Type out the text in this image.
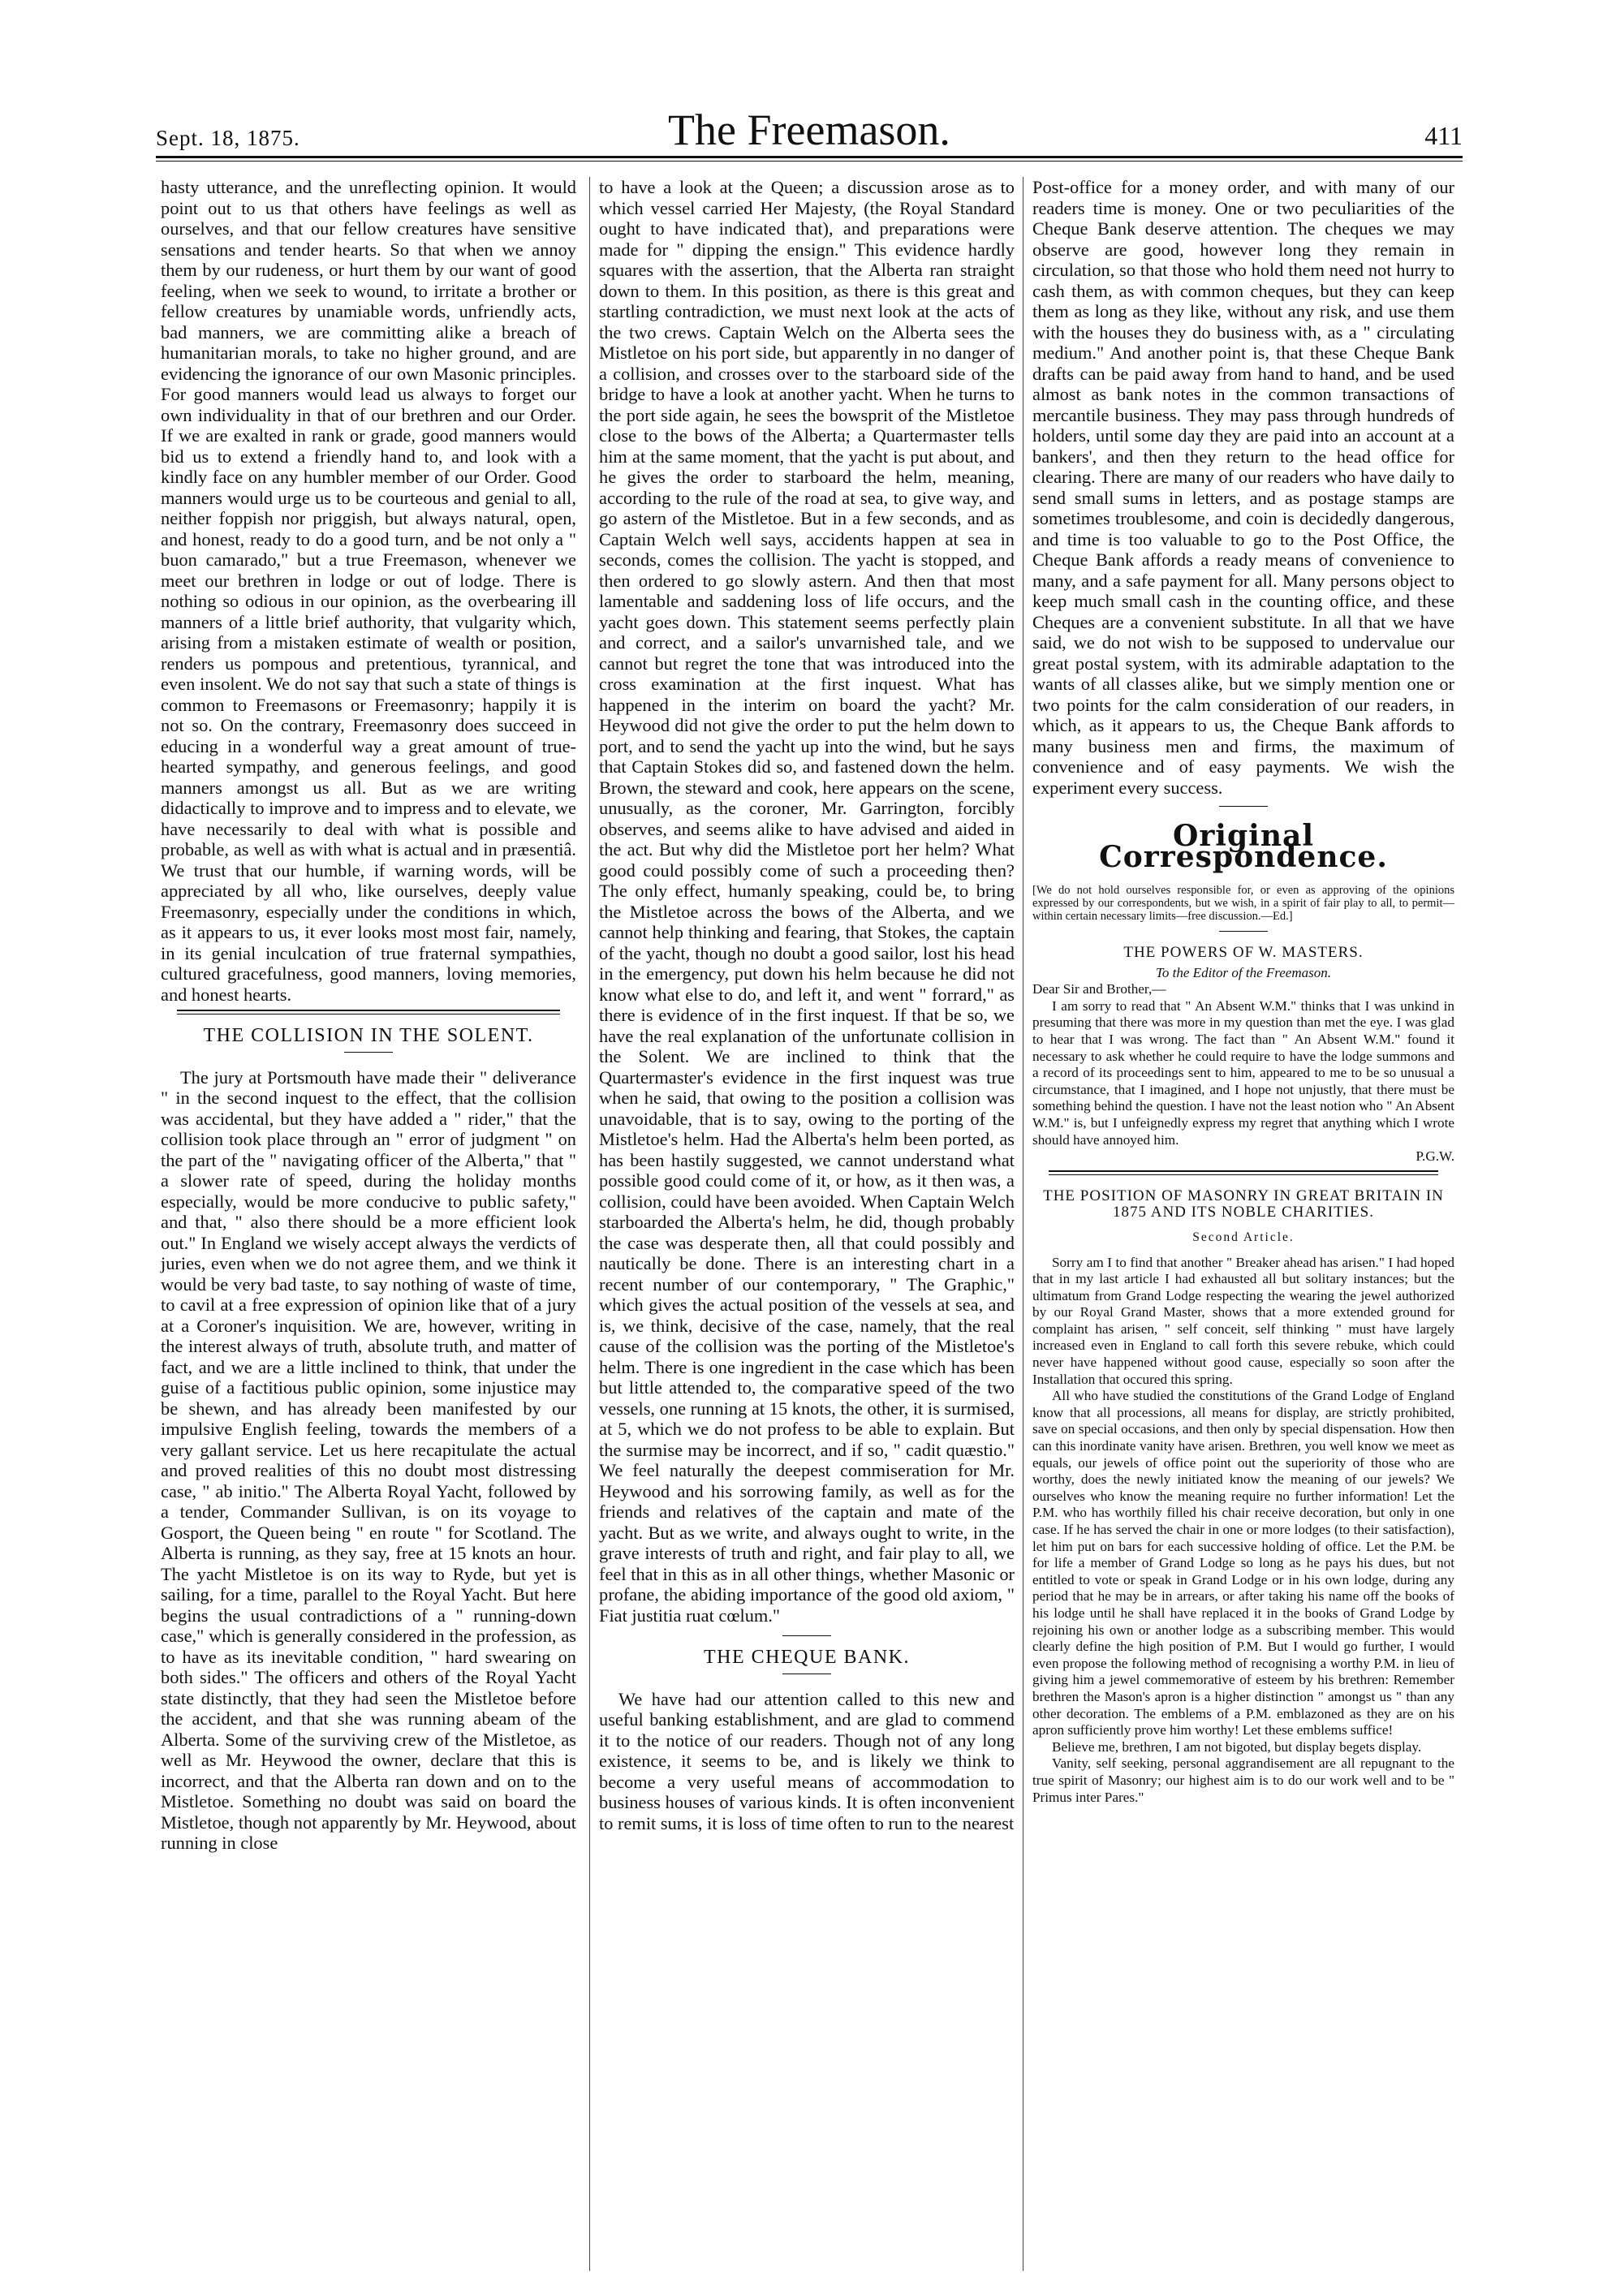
Sept. 18, 1875.	The Freemason.	411

hasty utterance, and the unreflecting opinion. It would point out to us that others have feelings as well as ourselves, and that our fellow creatures have sensitive sensations and tender hearts. So that when we annoy them by our rudeness, or hurt them by our want of good feeling, when we seek to wound, to irritate a brother or fellow creatures by unamiable words, unfriendly acts, bad manners, we are committing alike a breach of humanitarian morals, to take no higher ground, and are evidencing the ignorance of our own Masonic principles. For good manners would lead us always to forget our own individuality in that of our brethren and our Order. If we are exalted in rank or grade, good manners would bid us to extend a friendly hand to, and look with a kindly face on any humbler member of our Order. Good manners would urge us to be courteous and genial to all, neither foppish nor priggish, but always natural, open, and honest, ready to do a good turn, and be not only a " buon camarado," but a true Freemason, whenever we meet our brethren in lodge or out of lodge. There is nothing so odious in our opinion, as the overbearing ill manners of a little brief authority, that vulgarity which, arising from a mistaken estimate of wealth or position, renders us pompous and pretentious, tyrannical, and even insolent. We do not say that such a state of things is common to Freemasons or Freemasonry; happily it is not so. On the contrary, Freemasonry does succeed in educing in a wonderful way a great amount of true-hearted sympathy, and generous feelings, and good manners amongst us all. But as we are writing didactically to improve and to impress and to elevate, we have necessarily to deal with what is possible and probable, as well as with what is actual and in præsentiâ. We trust that our humble, if warning words, will be appreciated by all who, like ourselves, deeply value Freemasonry, especially under the conditions in which, as it appears to us, it ever looks most most fair, namely, in its genial inculcation of true fraternal sympathies, cultured gracefulness, good manners, loving memories, and honest hearts.

THE COLLISION IN THE SOLENT.

The jury at Portsmouth have made their " deliverance " in the second inquest to the effect, that the collision was accidental, but they have added a " rider," that the collision took place through an " error of judgment " on the part of the " navigating officer of the Alberta," that " a slower rate of speed, during the holiday months especially, would be more conducive to public safety," and that, " also there should be a more efficient look out." In England we wisely accept always the verdicts of juries, even when we do not agree them, and we think it would be very bad taste, to say nothing of waste of time, to cavil at a free expression of opinion like that of a jury at a Coroner's inquisition. We are, however, writing in the interest always of truth, absolute truth, and matter of fact, and we are a little inclined to think, that under the guise of a factitious public opinion, some injustice may be shewn, and has already been manifested by our impulsive English feeling, towards the members of a very gallant service. Let us here recapitulate the actual and proved realities of this no doubt most distressing case, " ab initio." The Alberta Royal Yacht, followed by a tender, Commander Sullivan, is on its voyage to Gosport, the Queen being " en route " for Scotland. The Alberta is running, as they say, free at 15 knots an hour. The yacht Mistletoe is on its way to Ryde, but yet is sailing, for a time, parallel to the Royal Yacht. But here begins the usual contradictions of a " running-down case," which is generally considered in the profession, as to have as its inevitable condition, " hard swearing on both sides." The officers and others of the Royal Yacht state distinctly, that they had seen the Mistletoe before the accident, and that she was running abeam of the Alberta. Some of the surviving crew of the Mistletoe, as well as Mr. Heywood the owner, declare that this is incorrect, and that the Alberta ran down and on to the Mistletoe. Something no doubt was said on board the Mistletoe, though not apparently by Mr. Heywood, about running in close

to have a look at the Queen; a discussion arose as to which vessel carried Her Majesty, (the Royal Standard ought to have indicated that), and preparations were made for " dipping the ensign." This evidence hardly squares with the assertion, that the Alberta ran straight down to them. In this position, as there is this great and startling contradiction, we must next look at the acts of the two crews. Captain Welch on the Alberta sees the Mistletoe on his port side, but apparently in no danger of a collision, and crosses over to the starboard side of the bridge to have a look at another yacht. When he turns to the port side again, he sees the bowsprit of the Mistletoe close to the bows of the Alberta; a Quartermaster tells him at the same moment, that the yacht is put about, and he gives the order to starboard the helm, meaning, according to the rule of the road at sea, to give way, and go astern of the Mistletoe. But in a few seconds, and as Captain Welch well says, accidents happen at sea in seconds, comes the collision. The yacht is stopped, and then ordered to go slowly astern. And then that most lamentable and saddening loss of life occurs, and the yacht goes down. This statement seems perfectly plain and correct, and a sailor's unvarnished tale, and we cannot but regret the tone that was introduced into the cross examination at the first inquest. What has happened in the interim on board the yacht? Mr. Heywood did not give the order to put the helm down to port, and to send the yacht up into the wind, but he says that Captain Stokes did so, and fastened down the helm. Brown, the steward and cook, here appears on the scene, unusually, as the coroner, Mr. Garrington, forcibly observes, and seems alike to have advised and aided in the act. But why did the Mistletoe port her helm? What good could possibly come of such a proceeding then? The only effect, humanly speaking, could be, to bring the Mistletoe across the bows of the Alberta, and we cannot help thinking and fearing, that Stokes, the captain of the yacht, though no doubt a good sailor, lost his head in the emergency, put down his helm because he did not know what else to do, and left it, and went " forrard," as there is evidence of in the first inquest. If that be so, we have the real explanation of the unfortunate collision in the Solent. We are inclined to think that the Quartermaster's evidence in the first inquest was true when he said, that owing to the position a collision was unavoidable, that is to say, owing to the porting of the Mistletoe's helm. Had the Alberta's helm been ported, as has been hastily suggested, we cannot understand what possible good could come of it, or how, as it then was, a collision, could have been avoided. When Captain Welch starboarded the Alberta's helm, he did, though probably the case was desperate then, all that could possibly and nautically be done. There is an interesting chart in a recent number of our contemporary, " The Graphic," which gives the actual position of the vessels at sea, and is, we think, decisive of the case, namely, that the real cause of the collision was the porting of the Mistletoe's helm. There is one ingredient in the case which has been but little attended to, the comparative speed of the two vessels, one running at 15 knots, the other, it is surmised, at 5, which we do not profess to be able to explain. But the surmise may be incorrect, and if so, " cadit quæstio." We feel naturally the deepest commiseration for Mr. Heywood and his sorrowing family, as well as for the friends and relatives of the captain and mate of the yacht. But as we write, and always ought to write, in the grave interests of truth and right, and fair play to all, we feel that in this as in all other things, whether Masonic or profane, the abiding importance of the good old axiom, " Fiat justitia ruat cœlum."

THE CHEQUE BANK.

We have had our attention called to this new and useful banking establishment, and are glad to commend it to the notice of our readers. Though not of any long existence, it seems to be, and is likely we think to become a very useful means of accommodation to business houses of various kinds. It is often inconvenient to remit sums, it is loss of time often to run to the nearest

Post-office for a money order, and with many of our readers time is money. One or two peculiarities of the Cheque Bank deserve attention. The cheques we may observe are good, however long they remain in circulation, so that those who hold them need not hurry to cash them, as with common cheques, but they can keep them as long as they like, without any risk, and use them with the houses they do business with, as a " circulating medium." And another point is, that these Cheque Bank drafts can be paid away from hand to hand, and be used almost as bank notes in the common transactions of mercantile business. They may pass through hundreds of holders, until some day they are paid into an account at a bankers', and then they return to the head office for clearing. There are many of our readers who have daily to send small sums in letters, and as postage stamps are sometimes troublesome, and coin is decidedly dangerous, and time is too valuable to go to the Post Office, the Cheque Bank affords a ready means of convenience to many, and a safe payment for all. Many persons object to keep much small cash in the counting office, and these Cheques are a convenient substitute. In all that we have said, we do not wish to be supposed to undervalue our great postal system, with its admirable adaptation to the wants of all classes alike, but we simply mention one or two points for the calm consideration of our readers, in which, as it appears to us, the Cheque Bank affords to many business men and firms, the maximum of convenience and of easy payments. We wish the experiment every success.

Original Correspondence.

[We do not hold ourselves responsible for, or even as approving of the opinions expressed by our correspondents, but we wish, in a spirit of fair play to all, to permit—within certain necessary limits—free discussion.—Ed.]

THE POWERS OF W. MASTERS.
To the Editor of the Freemason.
Dear Sir and Brother,—
I am sorry to read that " An Absent W.M." thinks that I was unkind in presuming that there was more in my question than met the eye. I was glad to hear that I was wrong. The fact than " An Absent W.M." found it necessary to ask whether he could require to have the lodge summons and a record of its proceedings sent to him, appeared to me to be so unusual a circumstance, that I imagined, and I hope not unjustly, that there must be something behind the question. I have not the least notion who " An Absent W.M." is, but I unfeignedly express my regret that anything which I wrote should have annoyed him.
P.G.W.
THE POSITION OF MASONRY IN GREAT BRITAIN IN 1875 AND ITS NOBLE CHARITIES.
Second Article.

Sorry am I to find that another " Breaker ahead has arisen." I had hoped that in my last article I had exhausted all but solitary instances; but the ultimatum from Grand Lodge respecting the wearing the jewel authorized by our Royal Grand Master, shows that a more extended ground for complaint has arisen, " self conceit, self thinking " must have largely increased even in England to call forth this severe rebuke, which could never have happened without good cause, especially so soon after the Installation that occured this spring.

All who have studied the constitutions of the Grand Lodge of England know that all processions, all means for display, are strictly prohibited, save on special occasions, and then only by special dispensation. How then can this inordinate vanity have arisen. Brethren, you well know we meet as equals, our jewels of office point out the superiority of those who are worthy, does the newly initiated know the meaning of our jewels? We ourselves who know the meaning require no further information! Let the P.M. who has worthily filled his chair receive decoration, but only in one case. If he has served the chair in one or more lodges (to their satisfaction), let him put on bars for each successive holding of office. Let the P.M. be for life a member of Grand Lodge so long as he pays his dues, but not entitled to vote or speak in Grand Lodge or in his own lodge, during any period that he may be in arrears, or after taking his name off the books of his lodge until he shall have replaced it in the books of Grand Lodge by rejoining his own or another lodge as a subscribing member. This would clearly define the high position of P.M. But I would go further, I would even propose the following method of recognising a worthy P.M. in lieu of giving him a jewel commemorative of esteem by his brethren: Remember brethren the Mason's apron is a higher distinction " amongst us " than any other decoration. The emblems of a P.M. emblazoned as they are on his apron sufficiently prove him worthy! Let these emblems suffice!

Believe me, brethren, I am not bigoted, but display begets display.

Vanity, self seeking, personal aggrandisement are all repugnant to the true spirit of Masonry; our highest aim is to do our work well and to be " Primus inter Pares."
